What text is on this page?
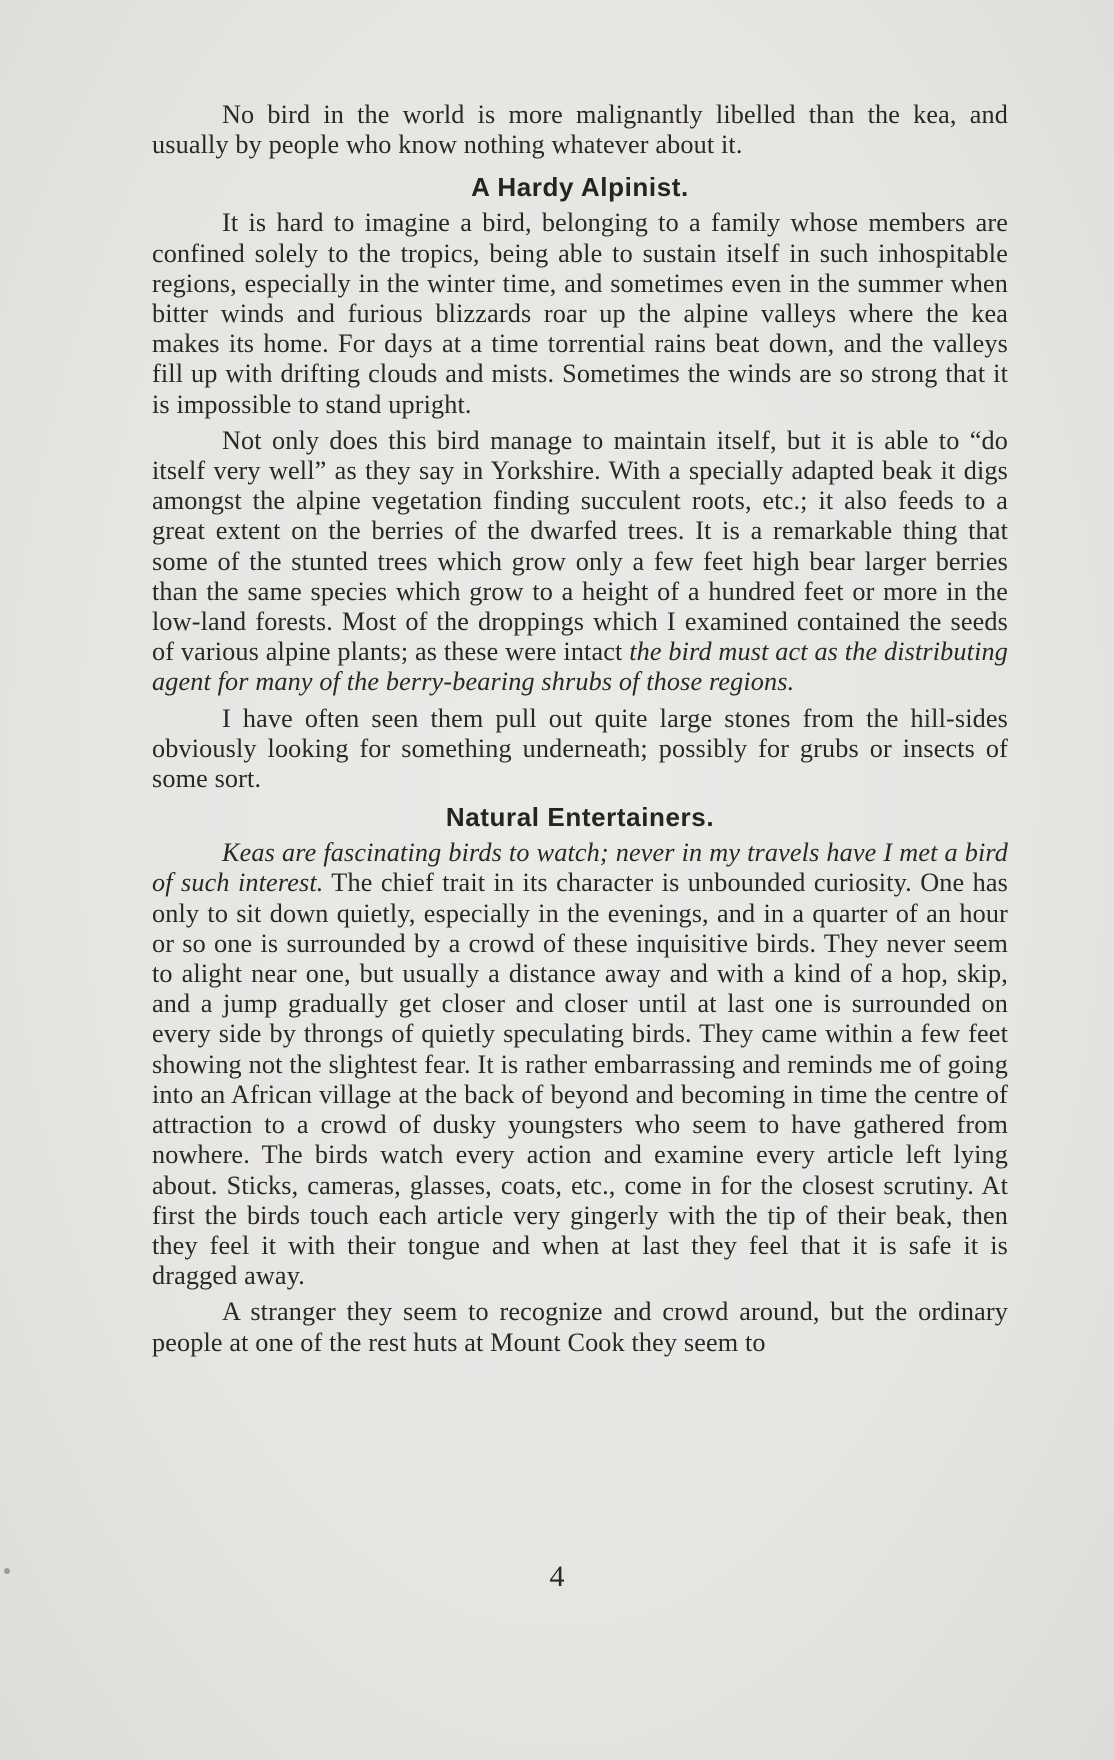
No bird in the world is more malignantly libelled than the kea, and usually by people who know nothing whatever about it.

A Hardy Alpinist.

It is hard to imagine a bird, belonging to a family whose members are confined solely to the tropics, being able to sustain itself in such inhospitable regions, especially in the winter time, and sometimes even in the summer when bitter winds and furious blizzards roar up the alpine valleys where the kea makes its home. For days at a time torrential rains beat down, and the valleys fill up with drifting clouds and mists. Sometimes the winds are so strong that it is impossible to stand upright.

Not only does this bird manage to maintain itself, but it is able to “do itself very well” as they say in Yorkshire. With a specially adapted beak it digs amongst the alpine vegetation finding succulent roots, etc.; it also feeds to a great extent on the berries of the dwarfed trees. It is a remarkable thing that some of the stunted trees which grow only a few feet high bear larger berries than the same species which grow to a height of a hundred feet or more in the low-land forests. Most of the droppings which I examined contained the seeds of various alpine plants; as these were intact the bird must act as the distributing agent for many of the berry-bearing shrubs of those regions.

I have often seen them pull out quite large stones from the hill-sides obviously looking for something underneath; possibly for grubs or insects of some sort.

Natural Entertainers.

Keas are fascinating birds to watch; never in my travels have I met a bird of such interest. The chief trait in its character is unbounded curiosity. One has only to sit down quietly, especially in the evenings, and in a quarter of an hour or so one is surrounded by a crowd of these inquisitive birds. They never seem to alight near one, but usually a distance away and with a kind of a hop, skip, and a jump gradually get closer and closer until at last one is surrounded on every side by throngs of quietly speculating birds. They came within a few feet showing not the slightest fear. It is rather embarrassing and reminds me of going into an African village at the back of beyond and becoming in time the centre of attraction to a crowd of dusky youngsters who seem to have gathered from nowhere. The birds watch every action and examine every article left lying about. Sticks, cameras, glasses, coats, etc., come in for the closest scrutiny. At first the birds touch each article very gingerly with the tip of their beak, then they feel it with their tongue and when at last they feel that it is safe it is dragged away.

A stranger they seem to recognize and crowd around, but the ordinary people at one of the rest huts at Mount Cook they seem to

4
